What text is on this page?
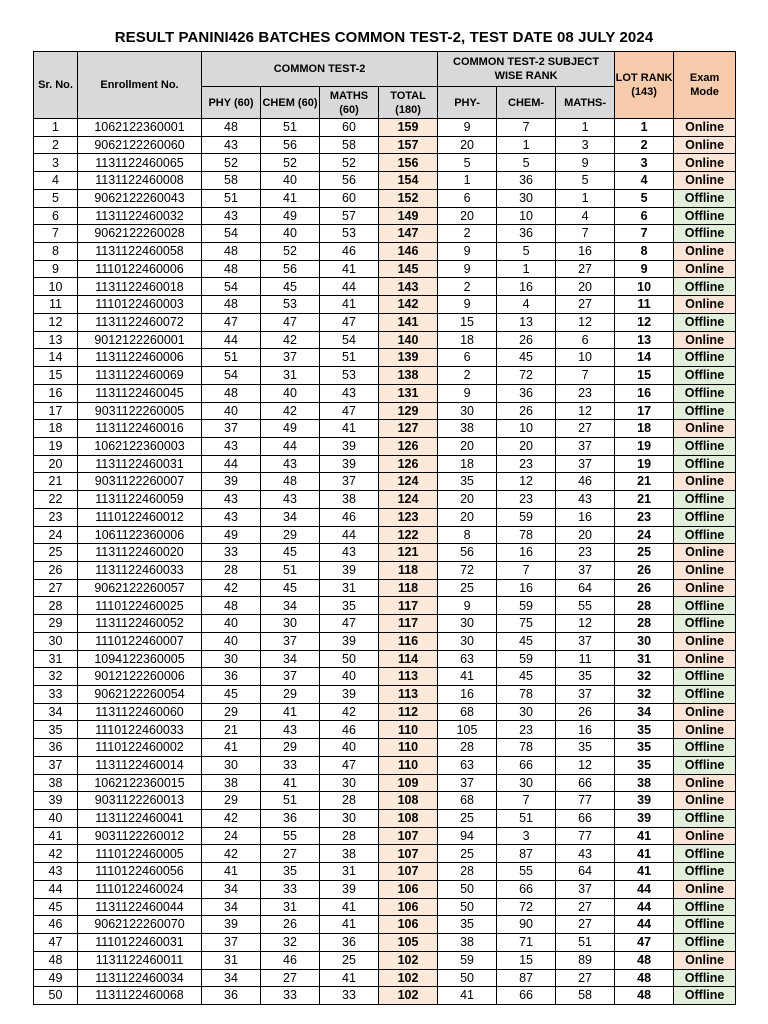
RESULT PANINI426 BATCHES COMMON TEST-2, TEST DATE 08 JULY 2024
Sr. No.	Enrollment No.	COMMON TEST-2				COMMON TEST-2 SUBJECT WISE RANK			LOT RANK (143)	Exam Mode
		PHY (60)	CHEM (60)	MATHS (60)	TOTAL (180)	PHY-	CHEM-	MATHS-		
1	1062122360001	48	51	60	159	9	7	1	1	Online
2	9062122260060	43	56	58	157	20	1	3	2	Online
3	1131122460065	52	52	52	156	5	5	9	3	Online
4	1131122460008	58	40	56	154	1	36	5	4	Online
5	9062122260043	51	41	60	152	6	30	1	5	Offline
6	1131122460032	43	49	57	149	20	10	4	6	Offline
7	9062122260028	54	40	53	147	2	36	7	7	Offline
8	1131122460058	48	52	46	146	9	5	16	8	Online
9	1110122460006	48	56	41	145	9	1	27	9	Online
10	1131122460018	54	45	44	143	2	16	20	10	Offline
11	1110122460003	48	53	41	142	9	4	27	11	Online
12	1131122460072	47	47	47	141	15	13	12	12	Offline
13	9012122260001	44	42	54	140	18	26	6	13	Online
14	1131122460006	51	37	51	139	6	45	10	14	Offline
15	1131122460069	54	31	53	138	2	72	7	15	Offline
16	1131122460045	48	40	43	131	9	36	23	16	Offline
17	9031122260005	40	42	47	129	30	26	12	17	Offline
18	1131122460016	37	49	41	127	38	10	27	18	Online
19	1062122360003	43	44	39	126	20	20	37	19	Offline
20	1131122460031	44	43	39	126	18	23	37	19	Offline
21	9031122260007	39	48	37	124	35	12	46	21	Online
22	1131122460059	43	43	38	124	20	23	43	21	Offline
23	1110122460012	43	34	46	123	20	59	16	23	Offline
24	1061122360006	49	29	44	122	8	78	20	24	Offline
25	1131122460020	33	45	43	121	56	16	23	25	Online
26	1131122460033	28	51	39	118	72	7	37	26	Online
27	9062122260057	42	45	31	118	25	16	64	26	Online
28	1110122460025	48	34	35	117	9	59	55	28	Offline
29	1131122460052	40	30	47	117	30	75	12	28	Offline
30	1110122460007	40	37	39	116	30	45	37	30	Online
31	1094122360005	30	34	50	114	63	59	11	31	Online
32	9012122260006	36	37	40	113	41	45	35	32	Offline
33	9062122260054	45	29	39	113	16	78	37	32	Offline
34	1131122460060	29	41	42	112	68	30	26	34	Online
35	1110122460033	21	43	46	110	105	23	16	35	Online
36	1110122460002	41	29	40	110	28	78	35	35	Offline
37	1131122460014	30	33	47	110	63	66	12	35	Offline
38	1062122360015	38	41	30	109	37	30	66	38	Online
39	9031122260013	29	51	28	108	68	7	77	39	Online
40	1131122460041	42	36	30	108	25	51	66	39	Offline
41	9031122260012	24	55	28	107	94	3	77	41	Online
42	1110122460005	42	27	38	107	25	87	43	41	Offline
43	1110122460056	41	35	31	107	28	55	64	41	Offline
44	1110122460024	34	33	39	106	50	66	37	44	Online
45	1131122460044	34	31	41	106	50	72	27	44	Offline
46	9062122260070	39	26	41	106	35	90	27	44	Offline
47	1110122460031	37	32	36	105	38	71	51	47	Offline
48	1131122460011	31	46	25	102	59	15	89	48	Online
49	1131122460034	34	27	41	102	50	87	27	48	Offline
50	1131122460068	36	33	33	102	41	66	58	48	Offline
